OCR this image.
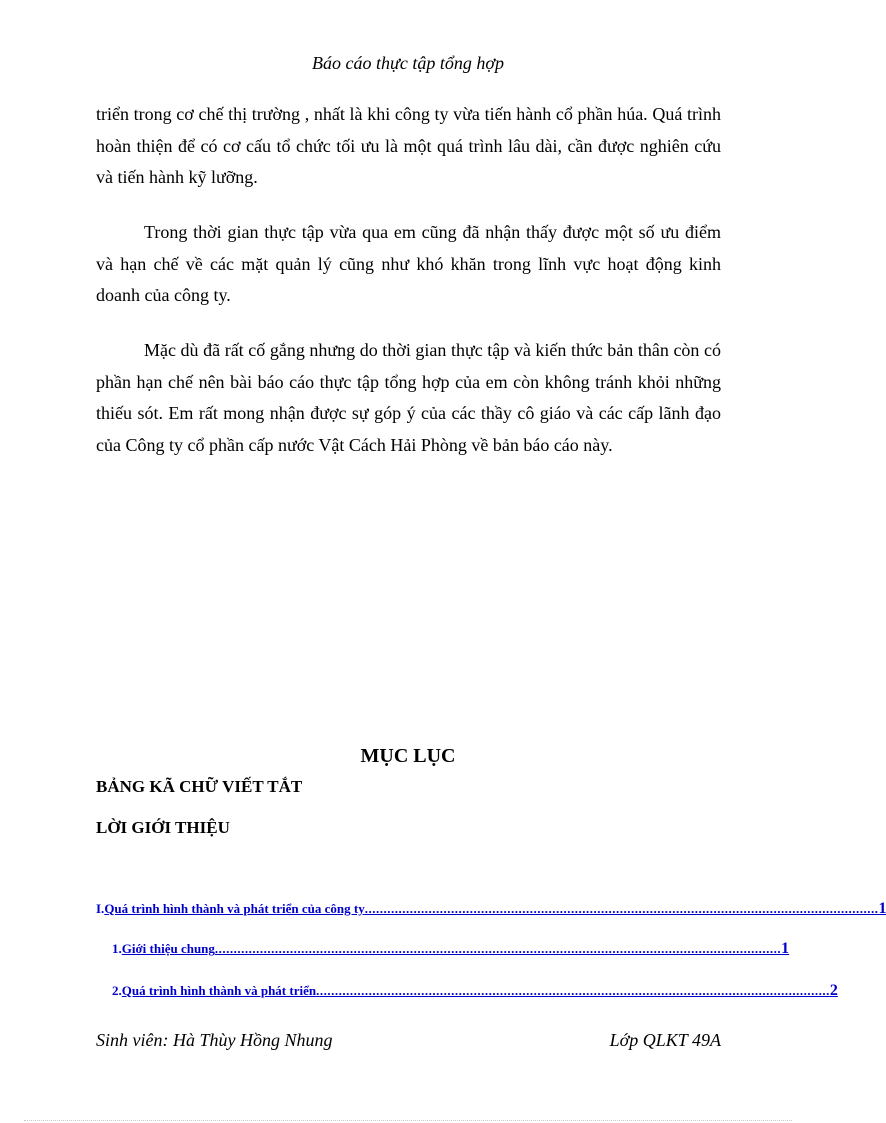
Báo cáo thực tập tổng hợp

triển trong cơ chế thị trường , nhất là khi công ty vừa tiến hành cổ phần húa. Quá trình hoàn thiện để có cơ cấu tổ chức tối ưu là một quá trình lâu dài, cần được nghiên cứu và tiến hành kỹ lưỡng.

Trong thời gian thực tập vừa qua em cũng đã nhận thấy được một số ưu điểm và hạn chế về các mặt quản lý cũng như khó khăn trong lĩnh vực hoạt động kinh doanh của công ty.

Mặc dù đã rất cố gắng nhưng do thời gian thực tập và kiến thức bản thân còn có phần hạn chế nên bài báo cáo thực tập tổng hợp của em còn không tránh khỏi những thiếu sót. Em rất mong nhận được sự góp ý của các thầy cô giáo và các cấp lãnh đạo của Công ty cổ phần cấp nước Vật Cách Hải Phòng về bản báo cáo này.

MỤC LỤC
BẢNG KÃ CHỮ VIẾT TẮT
LỜI GIỚI THIỆU
I. Quá trình hình thành và phát triển của công ty ......................................................................................................................................... 1
1. Giới thiệu chung ....................................................................................................................................................... 1
2. Quá trình hình thành và phát triển ......................................................................................................................................... 2
Sinh viên: Hà Thùy Hồng Nhung	Lớp QLKT 49A
